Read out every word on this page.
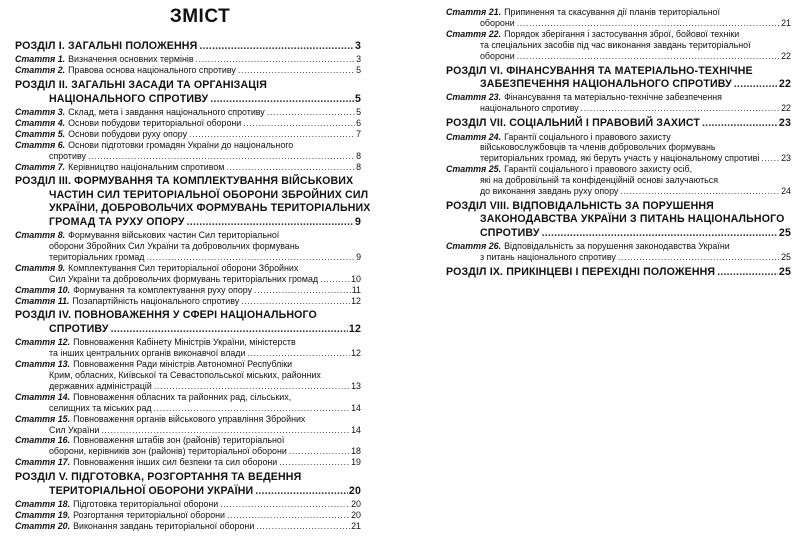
ЗМІСТ
РОЗДІЛ І. ЗАГАЛЬНІ ПОЛОЖЕННЯ .....	3
Стаття 1. Визначення основних термінів .....	3
Стаття 2. Правова основа національного спротиву .....	5
РОЗДІЛ ІІ. ЗАГАЛЬНІ ЗАСАДИ ТА ОРГАНІЗАЦІЯ
НАЦІОНАЛЬНОГО СПРОТИВУ .....	5
Стаття 3. Склад, мета і завдання національного спротиву .....	5
Стаття 4. Основи побудови територіальної оборони .....	6
Стаття 5. Основи побудови руху опору .....	7
Стаття 6. Основи підготовки громадян України до національного
спротиву .....	8
Стаття 7. Керівництво національним спротивом .....	8
РОЗДІЛ ІІІ. ФОРМУВАННЯ ТА КОМПЛЕКТУВАННЯ ВІЙСЬКОВИХ
ЧАСТИН СИЛ ТЕРИТОРІАЛЬНОЇ ОБОРОНИ ЗБРОЙНИХ СИЛ
УКРАЇНИ, ДОБРОВОЛЬЧИХ ФОРМУВАНЬ ТЕРИТОРІАЛЬНИХ
ГРОМАД ТА РУХУ ОПОРУ .....	9
Стаття 8. Формування військових частин Сил територіальної
оборони Збройних Сил України та добровольчих формувань
територіальних громад .....	9
Стаття 9. Комплектування Сил територіальної оборони Збройних
Сил України та добровольчих формувань територіальних громад .....	10
Стаття 10. Формування та комплектування руху опору .....	11
Стаття 11. Позапартійність національного спротиву .....	12
РОЗДІЛ IV. ПОВНОВАЖЕННЯ У СФЕРІ НАЦІОНАЛЬНОГО
СПРОТИВУ .....	12
Стаття 12. Повноваження Кабінету Міністрів України, міністерств
та інших центральних органів виконавчої влади .....	12
Стаття 13. Повноваження Ради міністрів Автономної Республіки
Крим, обласних, Київської та Севастопольської міських, районних
державних адміністрацій .....	13
Стаття 14. Повноваження обласних та районних рад, сільських,
селищних та міських рад .....	14
Стаття 15. Повноваження органів військового управління Збройних
Сил України .....	14
Стаття 16. Повноваження штабів зон (районів) територіальної
оборони, керівників зон (районів) територіальної оборони .....	18
Стаття 17. Повноваження інших сил безпеки та сил оборони .....	19
РОЗДІЛ V. ПІДГОТОВКА, РОЗГОРТАННЯ ТА ВЕДЕННЯ
ТЕРИТОРІАЛЬНОЇ ОБОРОНИ УКРАЇНИ .....	20
Стаття 18. Підготовка територіальної оборони .....	20
Стаття 19. Розгортання територіальної оборони .....	20
Стаття 20. Виконання завдань територіальної оборони .....	21
Стаття 21. Припинення та скасування дії планів територіальної
оборони .....	21
Стаття 22. Порядок зберігання і застосування зброї, бойової техніки
та спеціальних засобів під час виконання завдань територіальної
оборони .....	22
РОЗДІЛ VI. ФІНАНСУВАННЯ ТА МАТЕРІАЛЬНО-ТЕХНІЧНЕ
ЗАБЕЗПЕЧЕННЯ НАЦІОНАЛЬНОГО СПРОТИВУ .....	22
Стаття 23. Фінансування та матеріально-технічне забезпечення
національного спротиву .....	22
РОЗДІЛ VII. СОЦІАЛЬНИЙ І ПРАВОВИЙ ЗАХИСТ .....	23
Стаття 24. Гарантії соціального і правового захисту
військовослужбовців та членів добровольчих формувань
територіальних громад, які беруть участь у національному спротиві ..... 23
Стаття 25. Гарантії соціального і правового захисту осіб,
які на добровільній та конфіденційній основі залучаються
до виконання завдань руху опору .....	24
РОЗДІЛ VIII. ВІДПОВІДАЛЬНІСТЬ ЗА ПОРУШЕННЯ
ЗАКОНОДАВСТВА УКРАЇНИ З ПИТАНЬ НАЦІОНАЛЬНОГО
СПРОТИВУ .....	25
Стаття 26. Відповідальність за порушення законодавства України
з питань національного спротиву .....	25
РОЗДІЛ IX. ПРИКІНЦЕВІ І ПЕРЕХІДНІ ПОЛОЖЕННЯ .....	25
